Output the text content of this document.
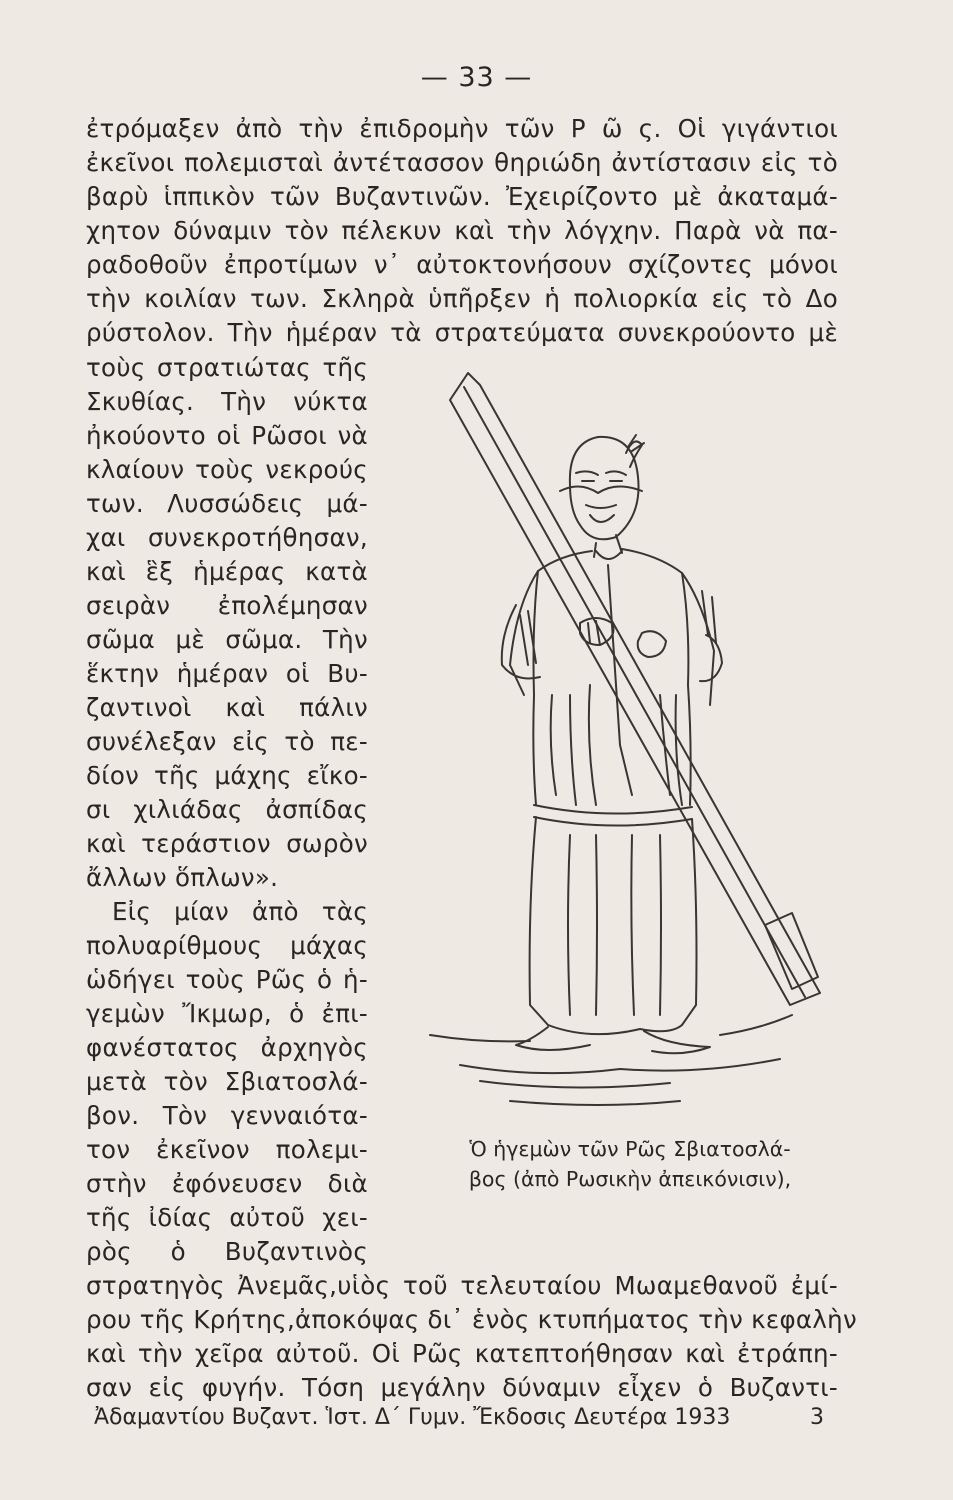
— 33 —
ἐτρόμαξεν ἀπὸ τὴν ἐπιδρομὴν τῶν Ρ ῶ ς. Οἱ γιγάντιοι
ἐκεῖνοι πολεμισταὶ ἀντέτασσον θηριώδη ἀντίστασιν εἰς τὸ
βαρὺ ἱππικὸν τῶν Βυζαντινῶν. Ἐχειρίζοντο μὲ ἀκαταμά-
χητον δύναμιν τὸν πέλεκυν καὶ τὴν λόγχην. Παρὰ νὰ πα-
ραδοθοῦν ἐπροτίμων ν᾽ αὐτοκτονήσουν σχίζοντες μόνοι
τὴν κοιλίαν των. Σκληρὰ ὑπῆρξεν ἡ πολιορκία εἰς τὸ Δο
ρύστολον. Τὴν ἡμέραν τὰ στρατεύματα συνεκρούοντο μὲ
τοὺς στρατιώτας τῆς
Σκυθίας. Τὴν νύκτα
ἠκούοντο οἱ Ρῶσοι νὰ
κλαίουν τοὺς νεκρούς
των. Λυσσώδεις μά-
χαι συνεκροτήθησαν,
καὶ ἓξ ἡμέρας κατὰ
σειρὰν ἐπολέμησαν
σῶμα μὲ σῶμα. Τὴν
ἕκτην ἡμέραν οἱ Βυ-
ζαντινοὶ καὶ πάλιν
συνέλεξαν εἰς τὸ πε-
δίον τῆς μάχης εἴκο-
σι χιλιάδας ἀσπίδας
καὶ τεράστιον σωρὸν
ἄλλων ὅπλων».
Εἰς μίαν ἀπὸ τὰς
πολυαρίθμους μάχας
ὡδήγει τοὺς Ρῶς ὁ ἡ-
γεμὼν Ἴκμωρ, ὁ ἐπι-
φανέστατος ἀρχηγὸς
μετὰ τὸν Σβιατοσλά-
βον. Τὸν γενναιότα-
τον ἐκεῖνον πολεμι-
στὴν ἐφόνευσεν διὰ
τῆς ἰδίας αὐτοῦ χει-
ρὸς ὁ Βυζαντινὸς
στρατηγὸς Ἀνεμᾶς,υἱὸς τοῦ τελευταίου Μωαμεθανοῦ ἐμί-
ρου τῆς Κρήτης,ἀποκόψας δι᾽ ἑνὸς κτυπήματος τὴν κεφαλὴν
καὶ τὴν χεῖρα αὐτοῦ. Οἱ Ρῶς κατεπτοήθησαν καὶ ἐτράπη-
σαν εἰς φυγήν. Τόση μεγάλην δύναμιν εἶχεν ὁ Βυζαντι-
Ὁ ἡγεμὼν τῶν Ρῶς Σβιατοσλά-
βος (ἀπὸ Ρωσικὴν ἀπεικόνισιν),
Ἀδαμαντίου Βυζαντ. Ἱστ. Δ΄ Γυμν. Ἔκδοσις Δευτέρα 1933	3
